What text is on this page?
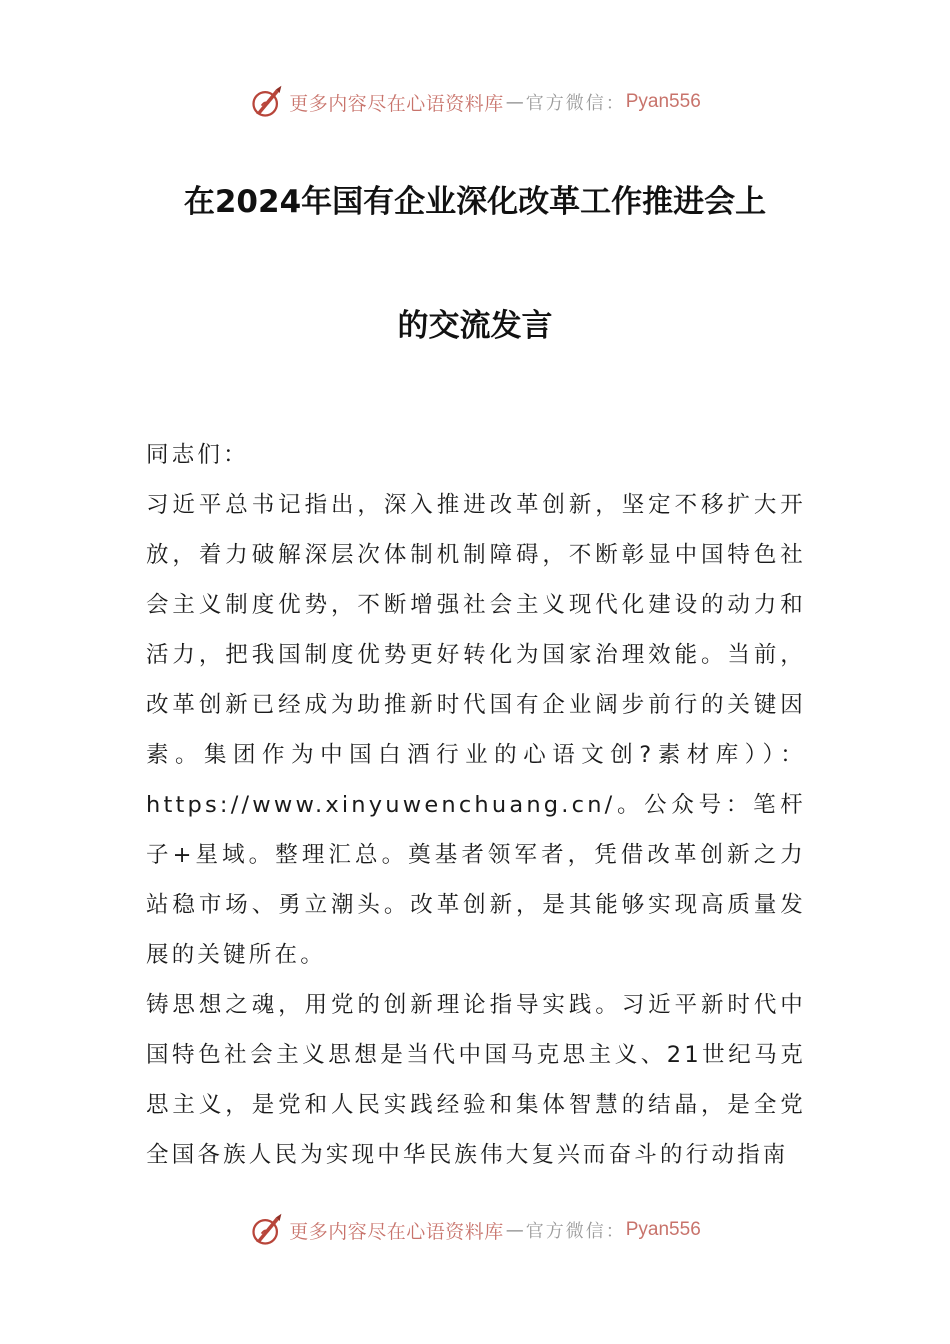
更多内容尽在心语资料库 — 官方微信： Pyan556
在2024年国有企业深化改革工作推进会上
的交流发言

同志们：

习近平总书记指出，深入推进改革创新，坚定不移扩大开放，着力破解深层次体制机制障碍，不断彰显中国特色社会主义制度优势，不断增强社会主义现代化建设的动力和活力，把我国制度优势更好转化为国家治理效能。当前，改革创新已经成为助推新时代国有企业阔步前行的关键因素。集团作为中国白酒行业的心语文创?素材库））：https://www.xinyuwenchuang.cn/。公众号：笔杆子+星域。整理汇总。奠基者领军者，凭借改革创新之力站稳市场、勇立潮头。改革创新，是其能够实现高质量发展的关键所在。

铸思想之魂，用党的创新理论指导实践。习近平新时代中国特色社会主义思想是当代中国马克思主义、21世纪马克思主义，是党和人民实践经验和集体智慧的结晶，是全党全国各族人民为实现中华民族伟大复兴而奋斗的行动指南

更多内容尽在心语资料库 — 官方微信： Pyan556
